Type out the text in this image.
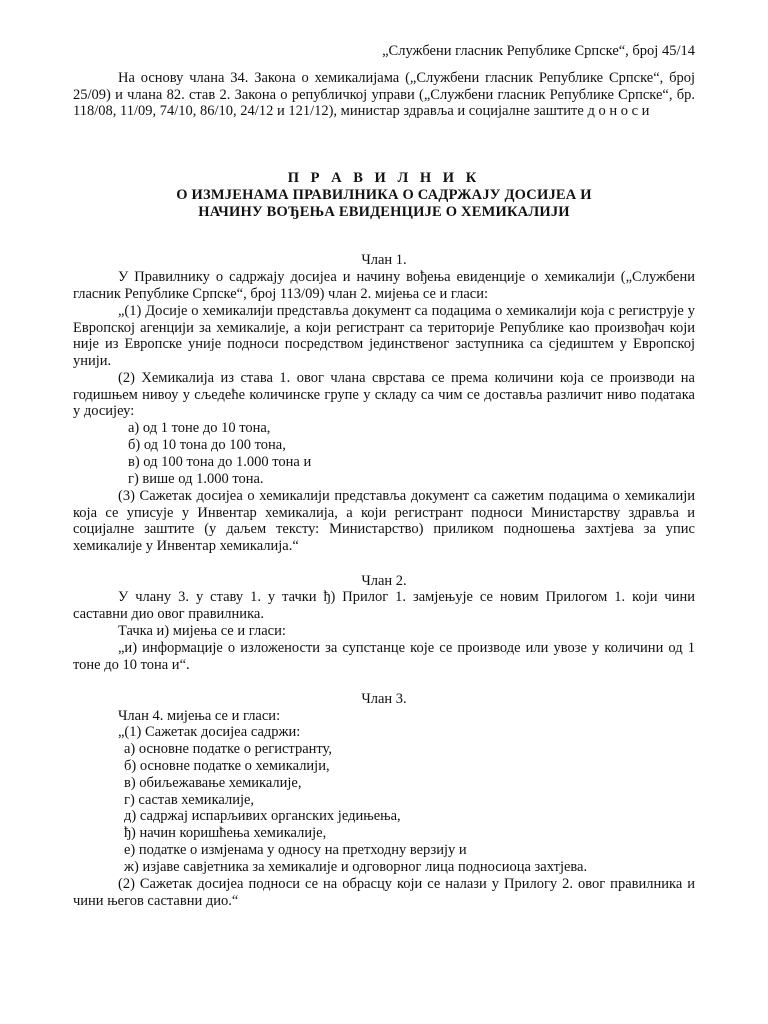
„Службени гласник Републике Српске“, број 45/14

На основу члана 34. Закона о хемикалијама („Службени гласник Републике Српске“, број 25/09) и члана 82. став 2. Закона о републичкој управи („Службени гласник Републике Српске“, бр. 118/08, 11/09, 74/10, 86/10, 24/12 и 121/12), министар здравља и социјалне заштите д о н о с и

П Р А В И Л Н И К

О ИЗМЈЕНАМА ПРАВИЛНИКА О САДРЖАЈУ ДОСИЈЕА И

НАЧИНУ ВОЂЕЊА ЕВИДЕНЦИЈЕ О ХЕМИКАЛИЈИ

Члан 1.

У Правилнику о садржају досијеа и начину вођења евиденције о хемикалији („Службени гласник Републике Српске“, број 113/09) члан 2. мијења се и гласи:

„(1) Досије о хемикалији представља документ са подацима о хемикалији која с региструје у Европској агенцији за хемикалије, а који регистрант са територије Републике као произвођач који није из Европске уније подноси посредством јединственог заступника са сједиштем у Европској унији.

(2) Хемикалија из става 1. овог члана сврстава се према количини која се производи на годишњем нивоу у сљедеће количинске групе у складу са чим се доставља различит ниво података у досијеу:

а) од 1 тоне до 10 тона,

б) од 10 тона до 100 тона,

в) од 100 тона до 1.000 тона и

г) више од 1.000 тона.

(3) Сажетак досијеа о хемикалији представља документ са сажетим подацима о хемикалији која се уписује у Инвентар хемикалија, а који регистрант подноси Министарству здравља и социјалне заштите (у даљем тексту: Министарство) приликом подношења захтјева за упис хемикалије у Инвентар хемикалија.“

Члан 2.

У члану 3. у ставу 1. у тачки ђ) Прилог 1. замјењује се новим Прилогом 1. који чини саставни дио овог правилника.

Тачка и) мијења се и гласи:

„и) информације о изложености за супстанце које се производе или увозе у количини од 1 тоне до 10 тона и“.

Члан 3.

Члан 4. мијења се и гласи:

„(1) Сажетак досијеа садржи:

а) основне податке о регистранту,

б) основне податке о хемикалији,

в) обиљежавање хемикалије,

г) састав хемикалије,

д) садржај испарљивих органских једињења,

ђ) начин коришћења хемикалије,

е) податке о измјенама у односу на претходну верзију и

ж) изјаве савјетника за хемикалије и одговорног лица подносиоца захтјева.

(2) Сажетак досијеа подноси се на обрасцу који се налази у Прилогу 2. овог правилника и чини његов саставни дио.“
